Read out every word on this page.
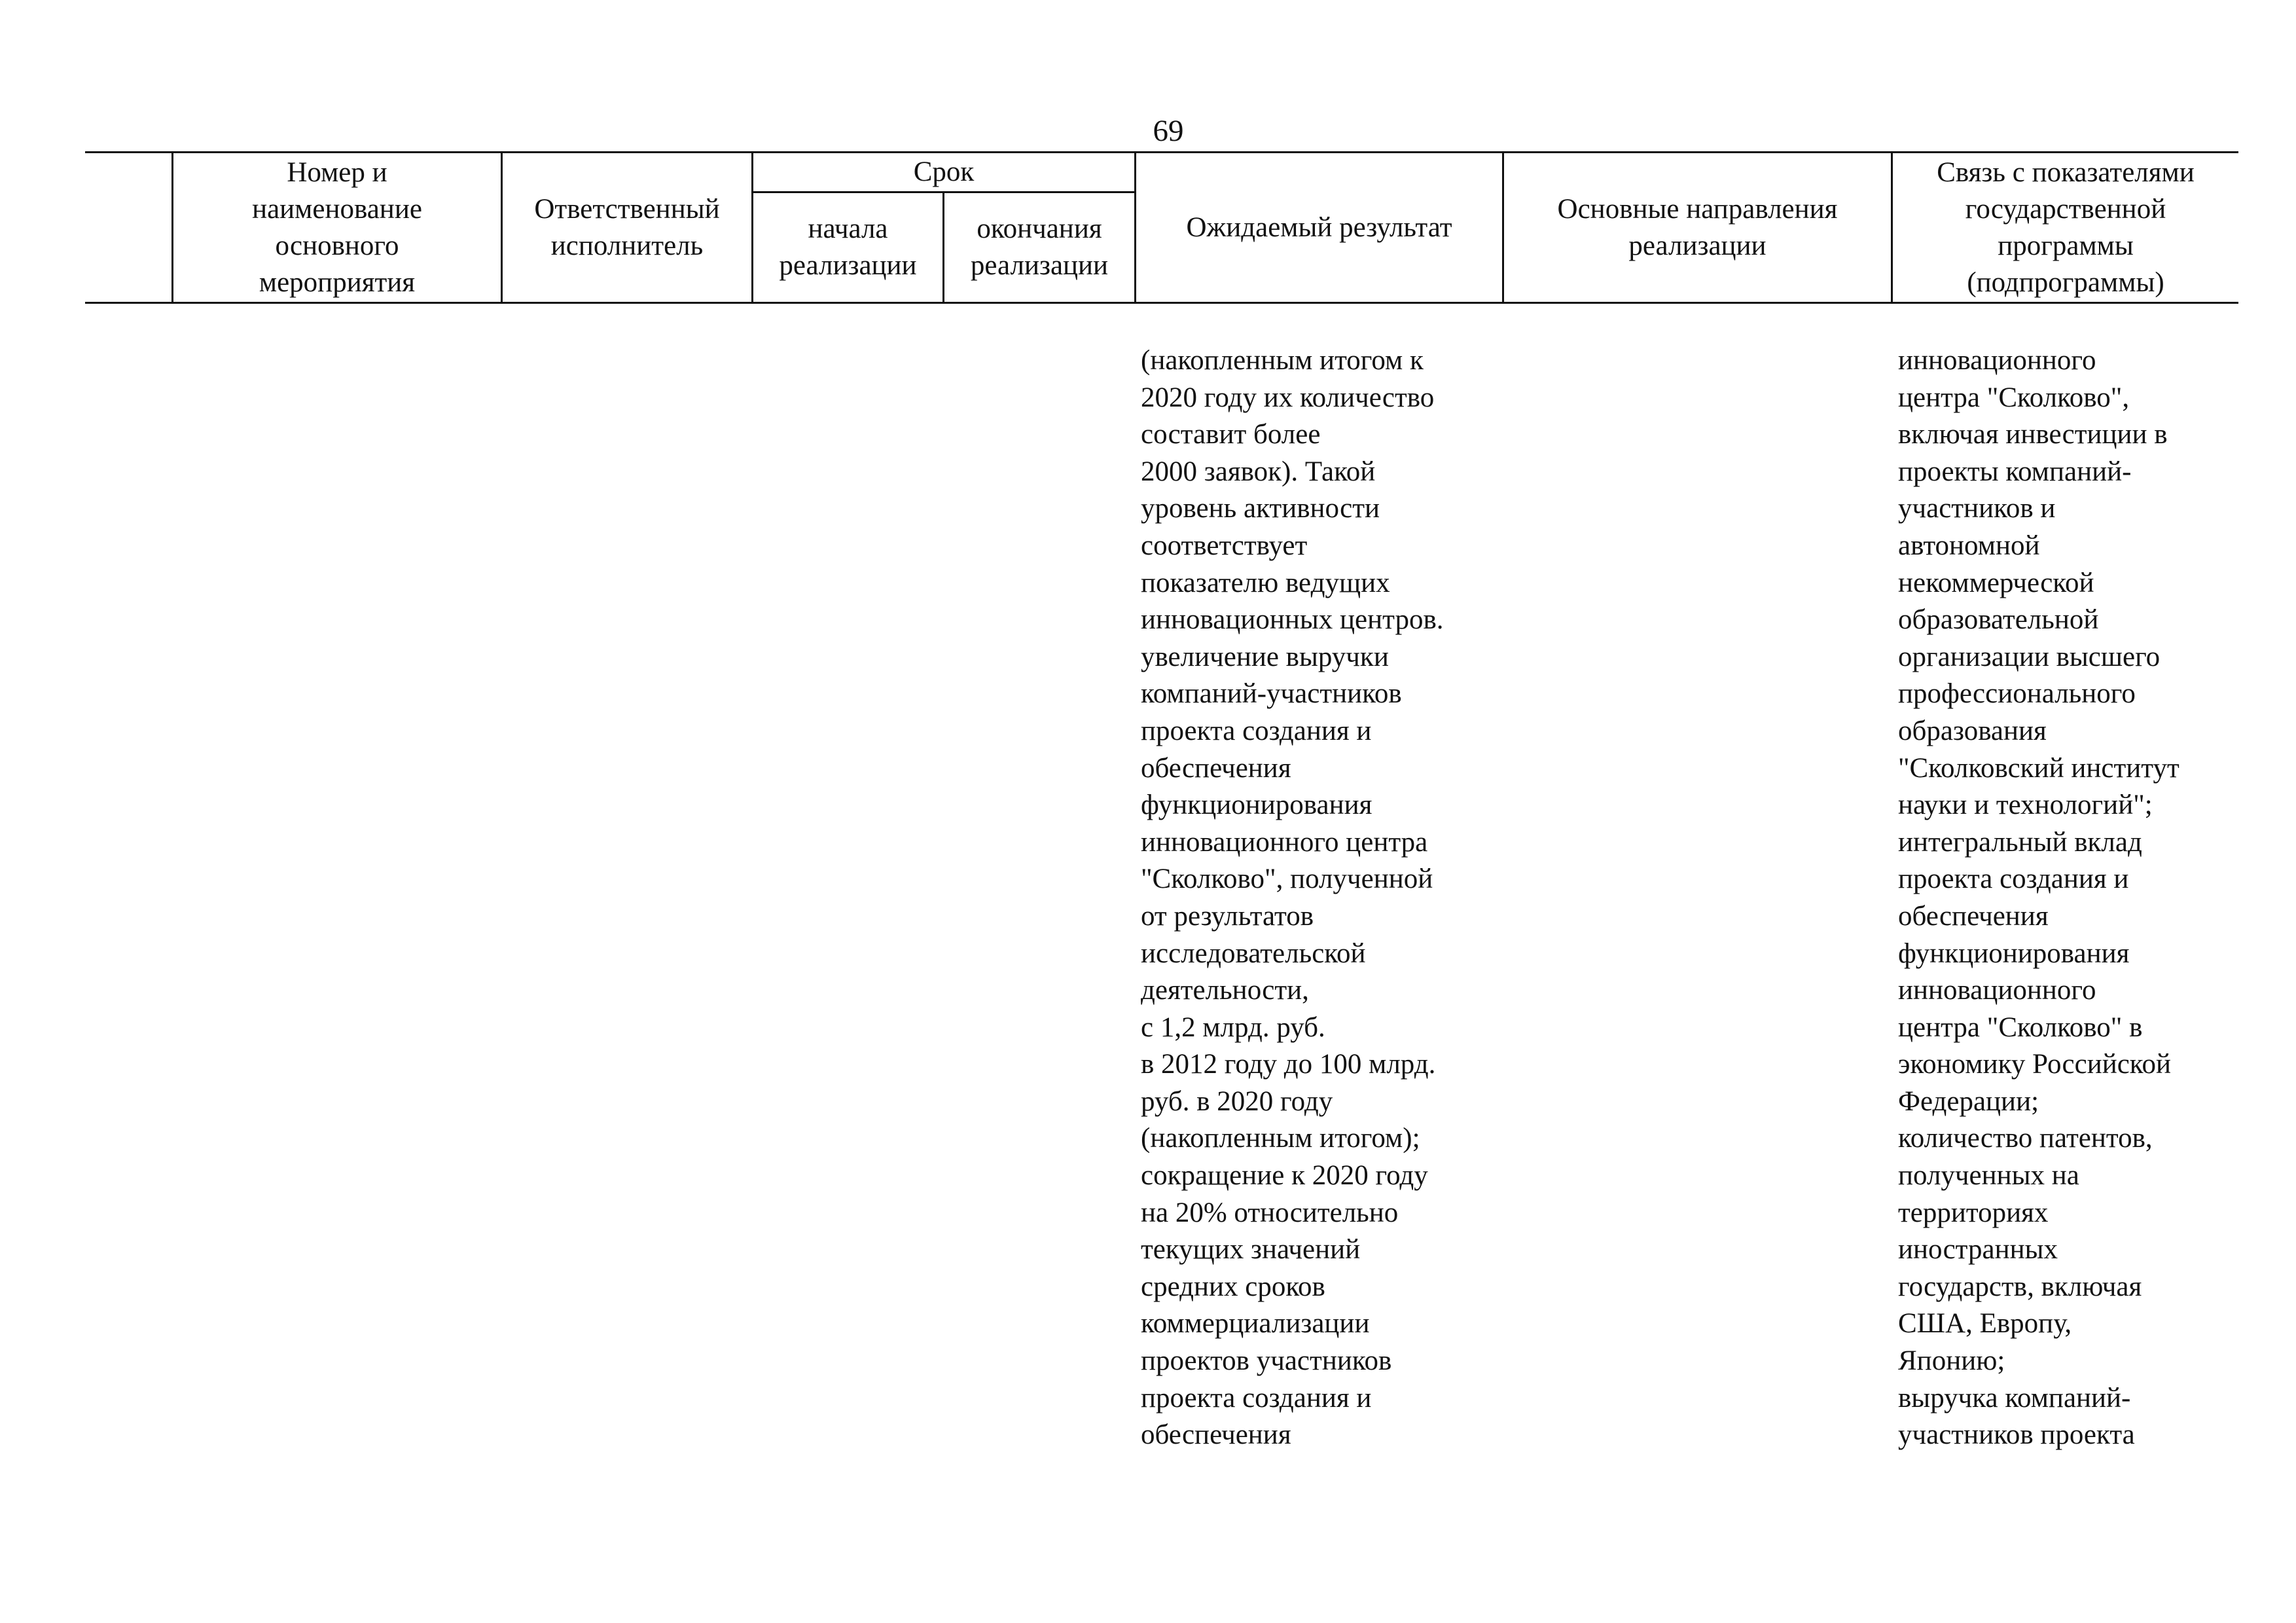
69
Номер и
наименование
основного
мероприятия
Ответственный
исполнитель
Срок
начала
реализации
окончания
реализации
Ожидаемый результат
Основные направления
реализации
Связь с показателями
государственной
программы
(подпрограммы)
(накопленным итогом к
2020 году их количество
составит более
2000 заявок). Такой
уровень активности
соответствует
показателю ведущих
инновационных центров.
увеличение выручки
компаний-участников
проекта создания и
обеспечения
функционирования
инновационного центра
"Сколково", полученной
от результатов
исследовательской
деятельности,
с 1,2 млрд. руб.
в 2012 году до 100 млрд.
руб. в 2020 году
(накопленным итогом);
сокращение к 2020 году
на 20% относительно
текущих значений
средних сроков
коммерциализации
проектов участников
проекта создания и
обеспечения
инновационного
центра "Сколково",
включая инвестиции в
проекты компаний-
участников и
автономной
некоммерческой
образовательной
организации высшего
профессионального
образования
"Сколковский институт
науки и технологий";
интегральный вклад
проекта создания и
обеспечения
функционирования
инновационного
центра "Сколково" в
экономику Российской
Федерации;
количество патентов,
полученных на
территориях
иностранных
государств, включая
США, Европу,
Японию;
выручка компаний-
участников проекта
